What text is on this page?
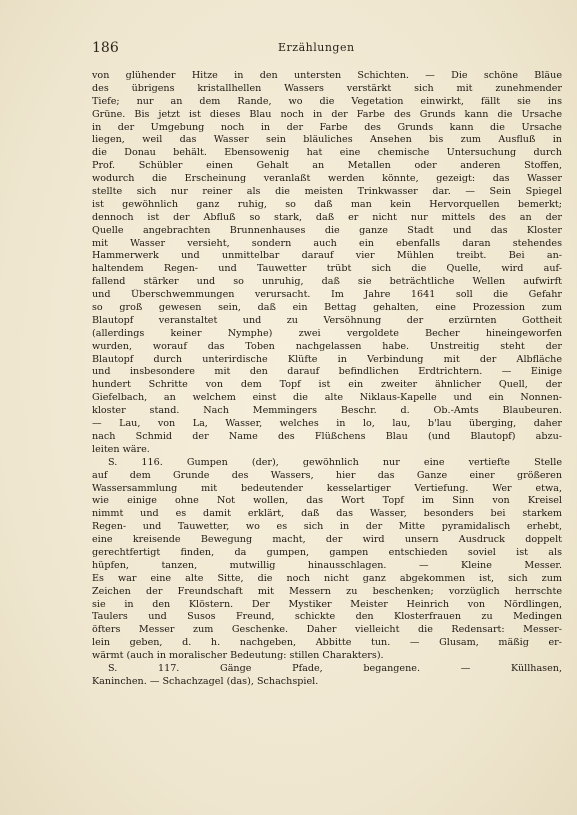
186	Erzählungen
von glühender Hitze in den untersten Schichten. — Die schöne Bläue
des übrigens kristallhellen Wassers verstärkt sich mit zunehmender
Tiefe; nur an dem Rande, wo die Vegetation einwirkt, fällt sie ins
Grüne. Bis jetzt ist dieses Blau noch in der Farbe des Grunds kann die Ursache
in der Umgebung noch in der Farbe des Grunds kann die Ursache
liegen, weil das Wasser sein bläuliches Ansehen bis zum Ausfluß in
die Donau behält. Ebensowenig hat eine chemische Untersuchung durch
Prof. Schübler einen Gehalt an Metallen oder anderen Stoffen,
wodurch die Erscheinung veranlaßt werden könnte, gezeigt: das Wasser
stellte sich nur reiner als die meisten Trinkwasser dar. — Sein Spiegel
ist gewöhnlich ganz ruhig, so daß man kein Hervorquellen bemerkt;
dennoch ist der Abfluß so stark, daß er nicht nur mittels des an der
Quelle angebrachten Brunnenhauses die ganze Stadt und das Kloster
mit Wasser versieht, sondern auch ein ebenfalls daran stehendes
Hammerwerk und unmittelbar darauf vier Mühlen treibt. Bei an-
haltendem Regen- und Tauwetter trübt sich die Quelle, wird auf-
fallend stärker und so unruhig, daß sie beträchtliche Wellen aufwirft
und Überschwemmungen verursacht. Im Jahre 1641 soll die Gefahr
so groß gewesen sein, daß ein Bettag gehalten, eine Prozession zum
Blautopf veranstaltet und zu Versöhnung der erzürnten Gottheit
(allerdings keiner Nymphe) zwei vergoldete Becher hineingeworfen
wurden, worauf das Toben nachgelassen habe. Unstreitig steht der
Blautopf durch unterirdische Klüfte in Verbindung mit der Albfläche
und insbesondere mit den darauf befindlichen Erdtrichtern. — Einige
hundert Schritte von dem Topf ist ein zweiter ähnlicher Quell, der
Giefelbach, an welchem einst die alte Niklaus-Kapelle und ein Nonnen-
kloster stand. Nach Memmingers Beschr. d. Ob.-Amts Blaubeuren.
— Lau, von La, Wasser, welches in lo, lau, b'lau überging, daher
nach Schmid der Name des Flüßchens Blau (und Blautopf) abzu-
leiten wäre.
S. 116. Gumpen (der), gewöhnlich nur eine vertiefte Stelle
auf dem Grunde des Wassers, hier das Ganze einer größeren
Wassersammlung mit bedeutender kesselartiger Vertiefung. Wer etwa,
wie einige ohne Not wollen, das Wort Topf im Sinn von Kreisel
nimmt und es damit erklärt, daß das Wasser, besonders bei starkem
Regen- und Tauwetter, wo es sich in der Mitte pyramidalisch erhebt,
eine kreisende Bewegung macht, der wird unsern Ausdruck doppelt
gerechtfertigt finden, da gumpen, gampen entschieden soviel ist als
hüpfen, tanzen, mutwillig hinausschlagen. — Kleine Messer.
Es war eine alte Sitte, die noch nicht ganz abgekommen ist, sich zum
Zeichen der Freundschaft mit Messern zu beschenken; vorzüglich herrschte
sie in den Klöstern. Der Mystiker Meister Heinrich von Nördlingen,
Taulers und Susos Freund, schickte den Klosterfrauen zu Medingen
öfters Messer zum Geschenke. Daher vielleicht die Redensart: Messer-
lein geben, d. h. nachgeben, Abbitte tun. — Glusam, mäßig er-
wärmt (auch in moralischer Bedeutung: stillen Charakters).
S. 117. Gänge Pfade, begangene. — Küllhasen,
Kaninchen. — Schachzagel (das), Schachspiel.
